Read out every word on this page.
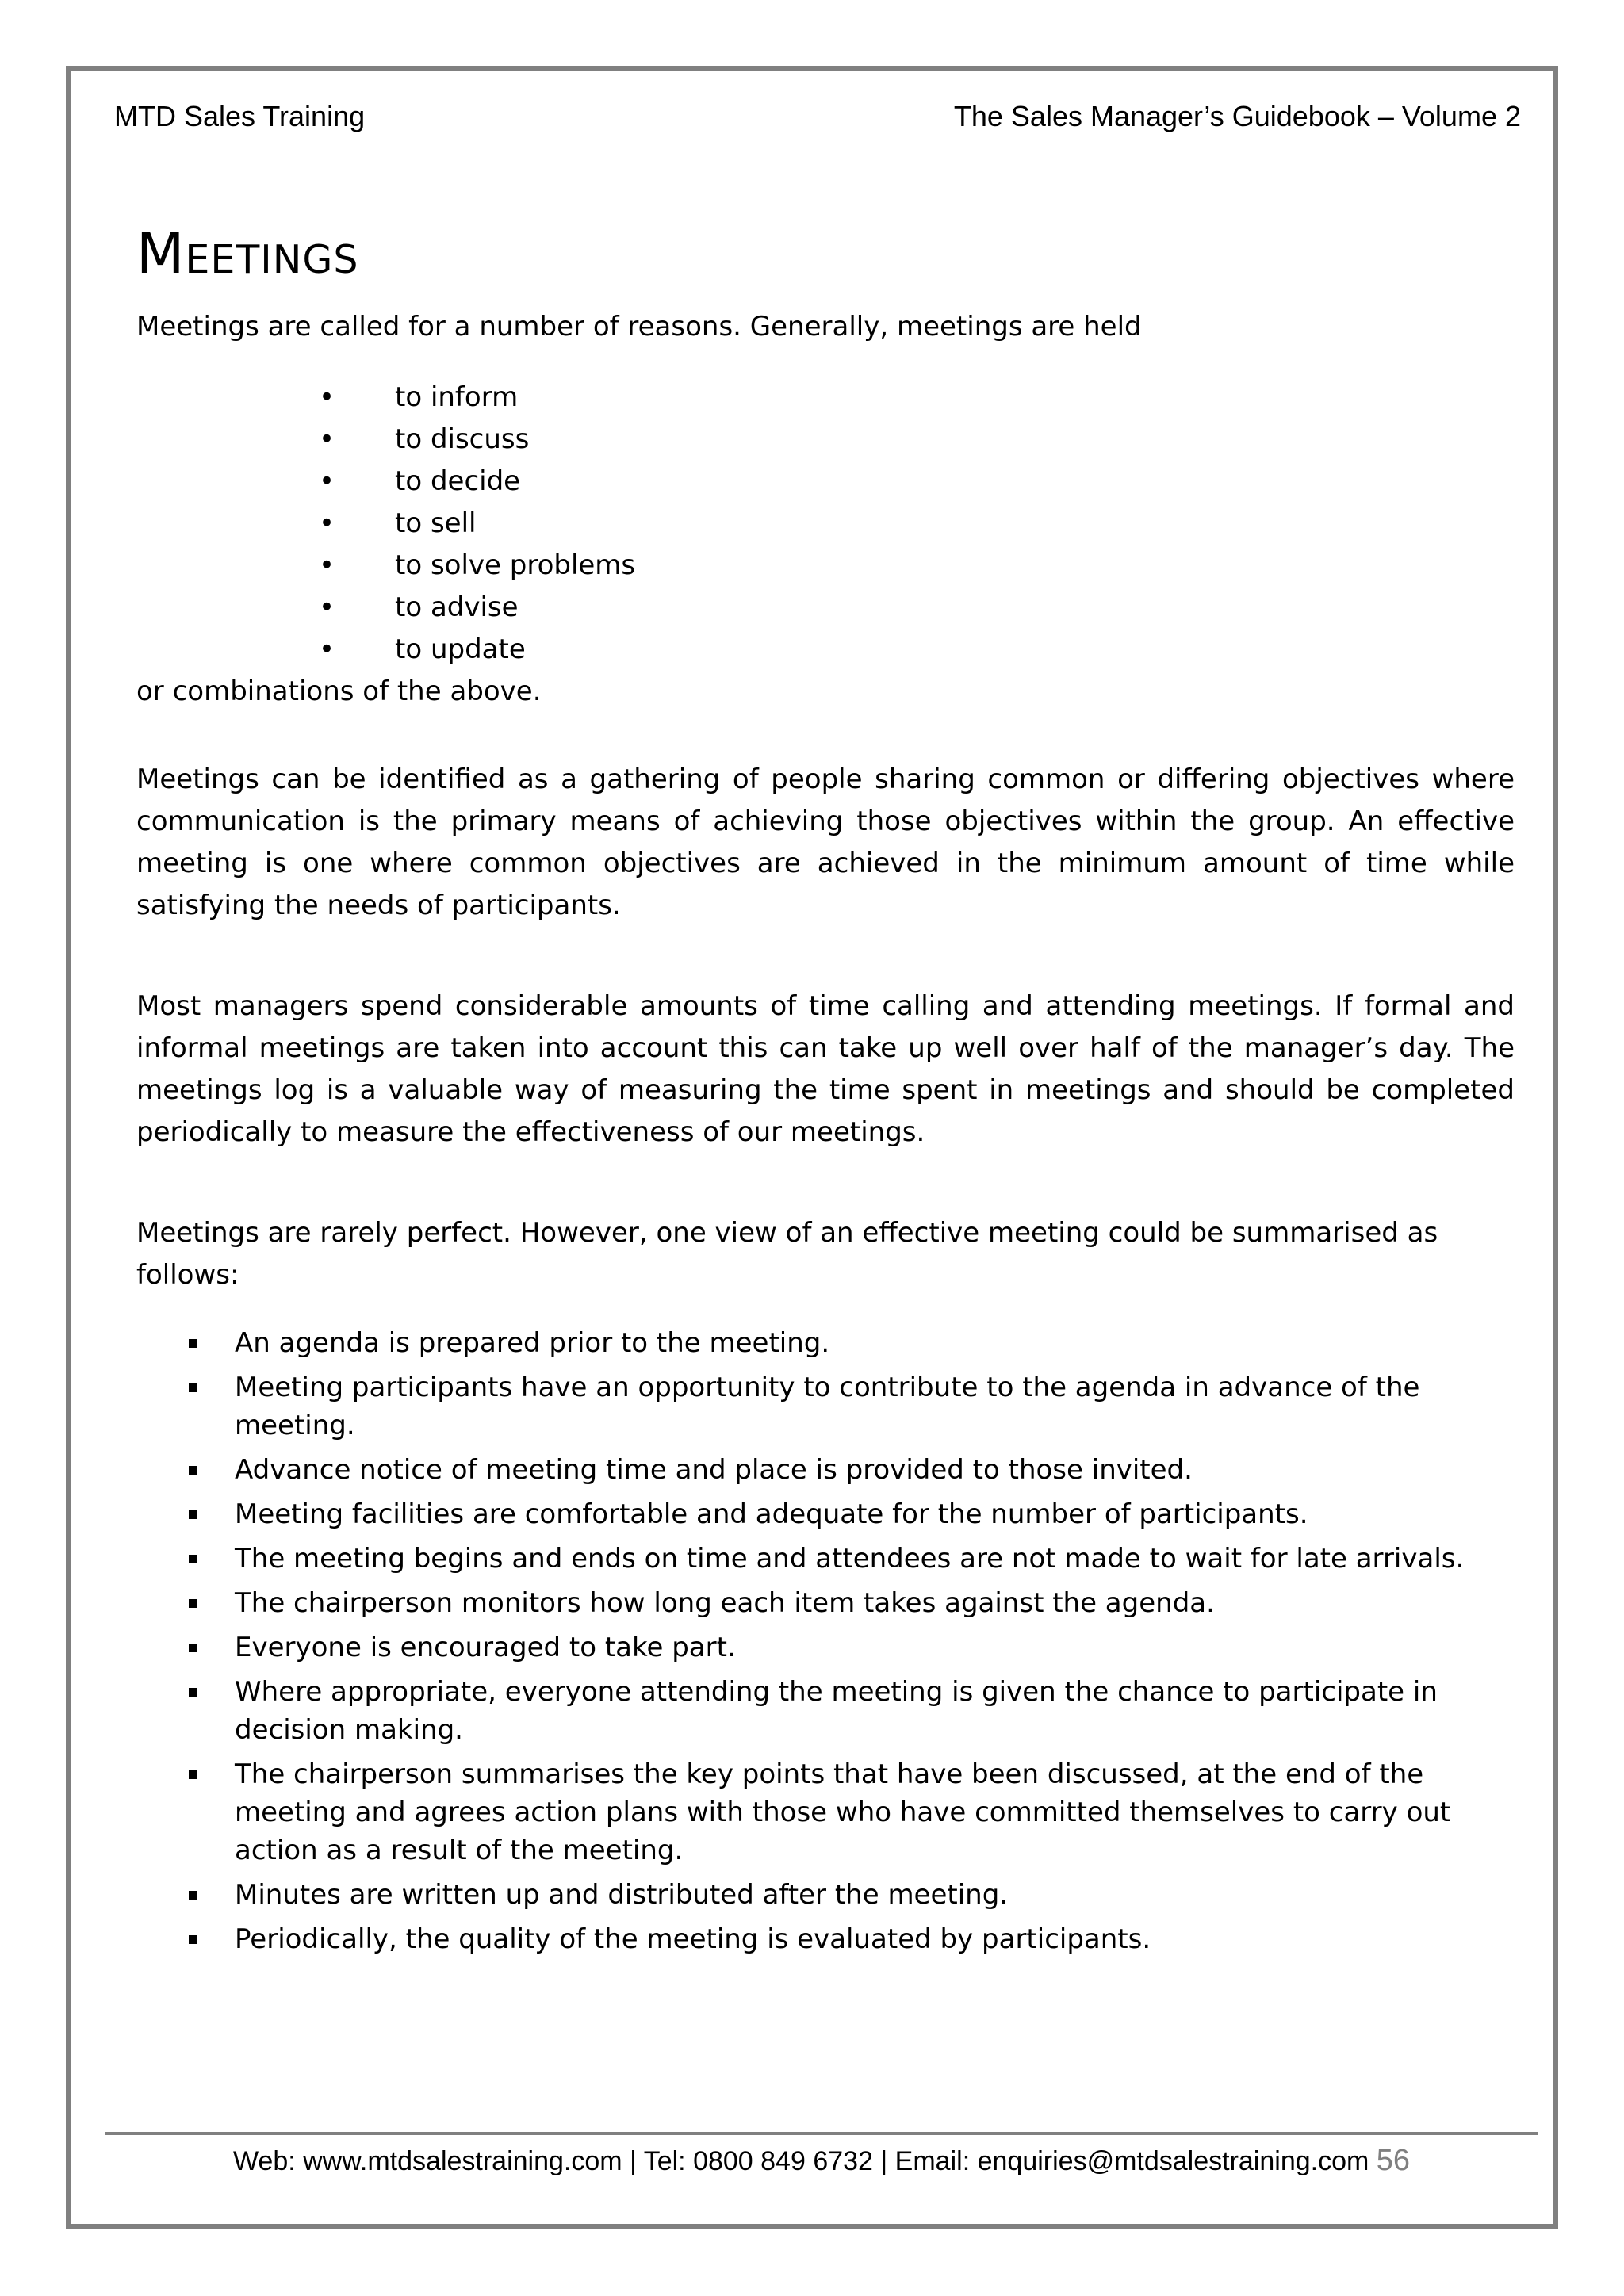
MTD Sales Training	The Sales Manager’s Guidebook – Volume 2
Meetings

Meetings are called for a number of reasons. Generally, meetings are held

• to inform
• to discuss
• to decide
• to sell
• to solve problems
• to advise
• to update

or combinations of the above.

Meetings can be identified as a gathering of people sharing common or differing objectives where communication is the primary means of achieving those objectives within the group. An effective meeting is one where common objectives are achieved in the minimum amount of time while satisfying the needs of participants.

Most managers spend considerable amounts of time calling and attending meetings. If formal and informal meetings are taken into account this can take up well over half of the manager’s day. The meetings log is a valuable way of measuring the time spent in meetings and should be completed periodically to measure the effectiveness of our meetings.

Meetings are rarely perfect. However, one view of an effective meeting could be summarised as follows:

An agenda is prepared prior to the meeting.
Meeting participants have an opportunity to contribute to the agenda in advance of the meeting.
Advance notice of meeting time and place is provided to those invited.
Meeting facilities are comfortable and adequate for the number of participants.
The meeting begins and ends on time and attendees are not made to wait for late arrivals.
The chairperson monitors how long each item takes against the agenda.
Everyone is encouraged to take part.
Where appropriate, everyone attending the meeting is given the chance to participate in decision making.
The chairperson summarises the key points that have been discussed, at the end of the meeting and agrees action plans with those who have committed themselves to carry out action as a result of the meeting.
Minutes are written up and distributed after the meeting.
Periodically, the quality of the meeting is evaluated by participants.
Web: www.mtdsalestraining.com | Tel: 0800 849 6732 | Email: enquiries@mtdsalestraining.com 56
